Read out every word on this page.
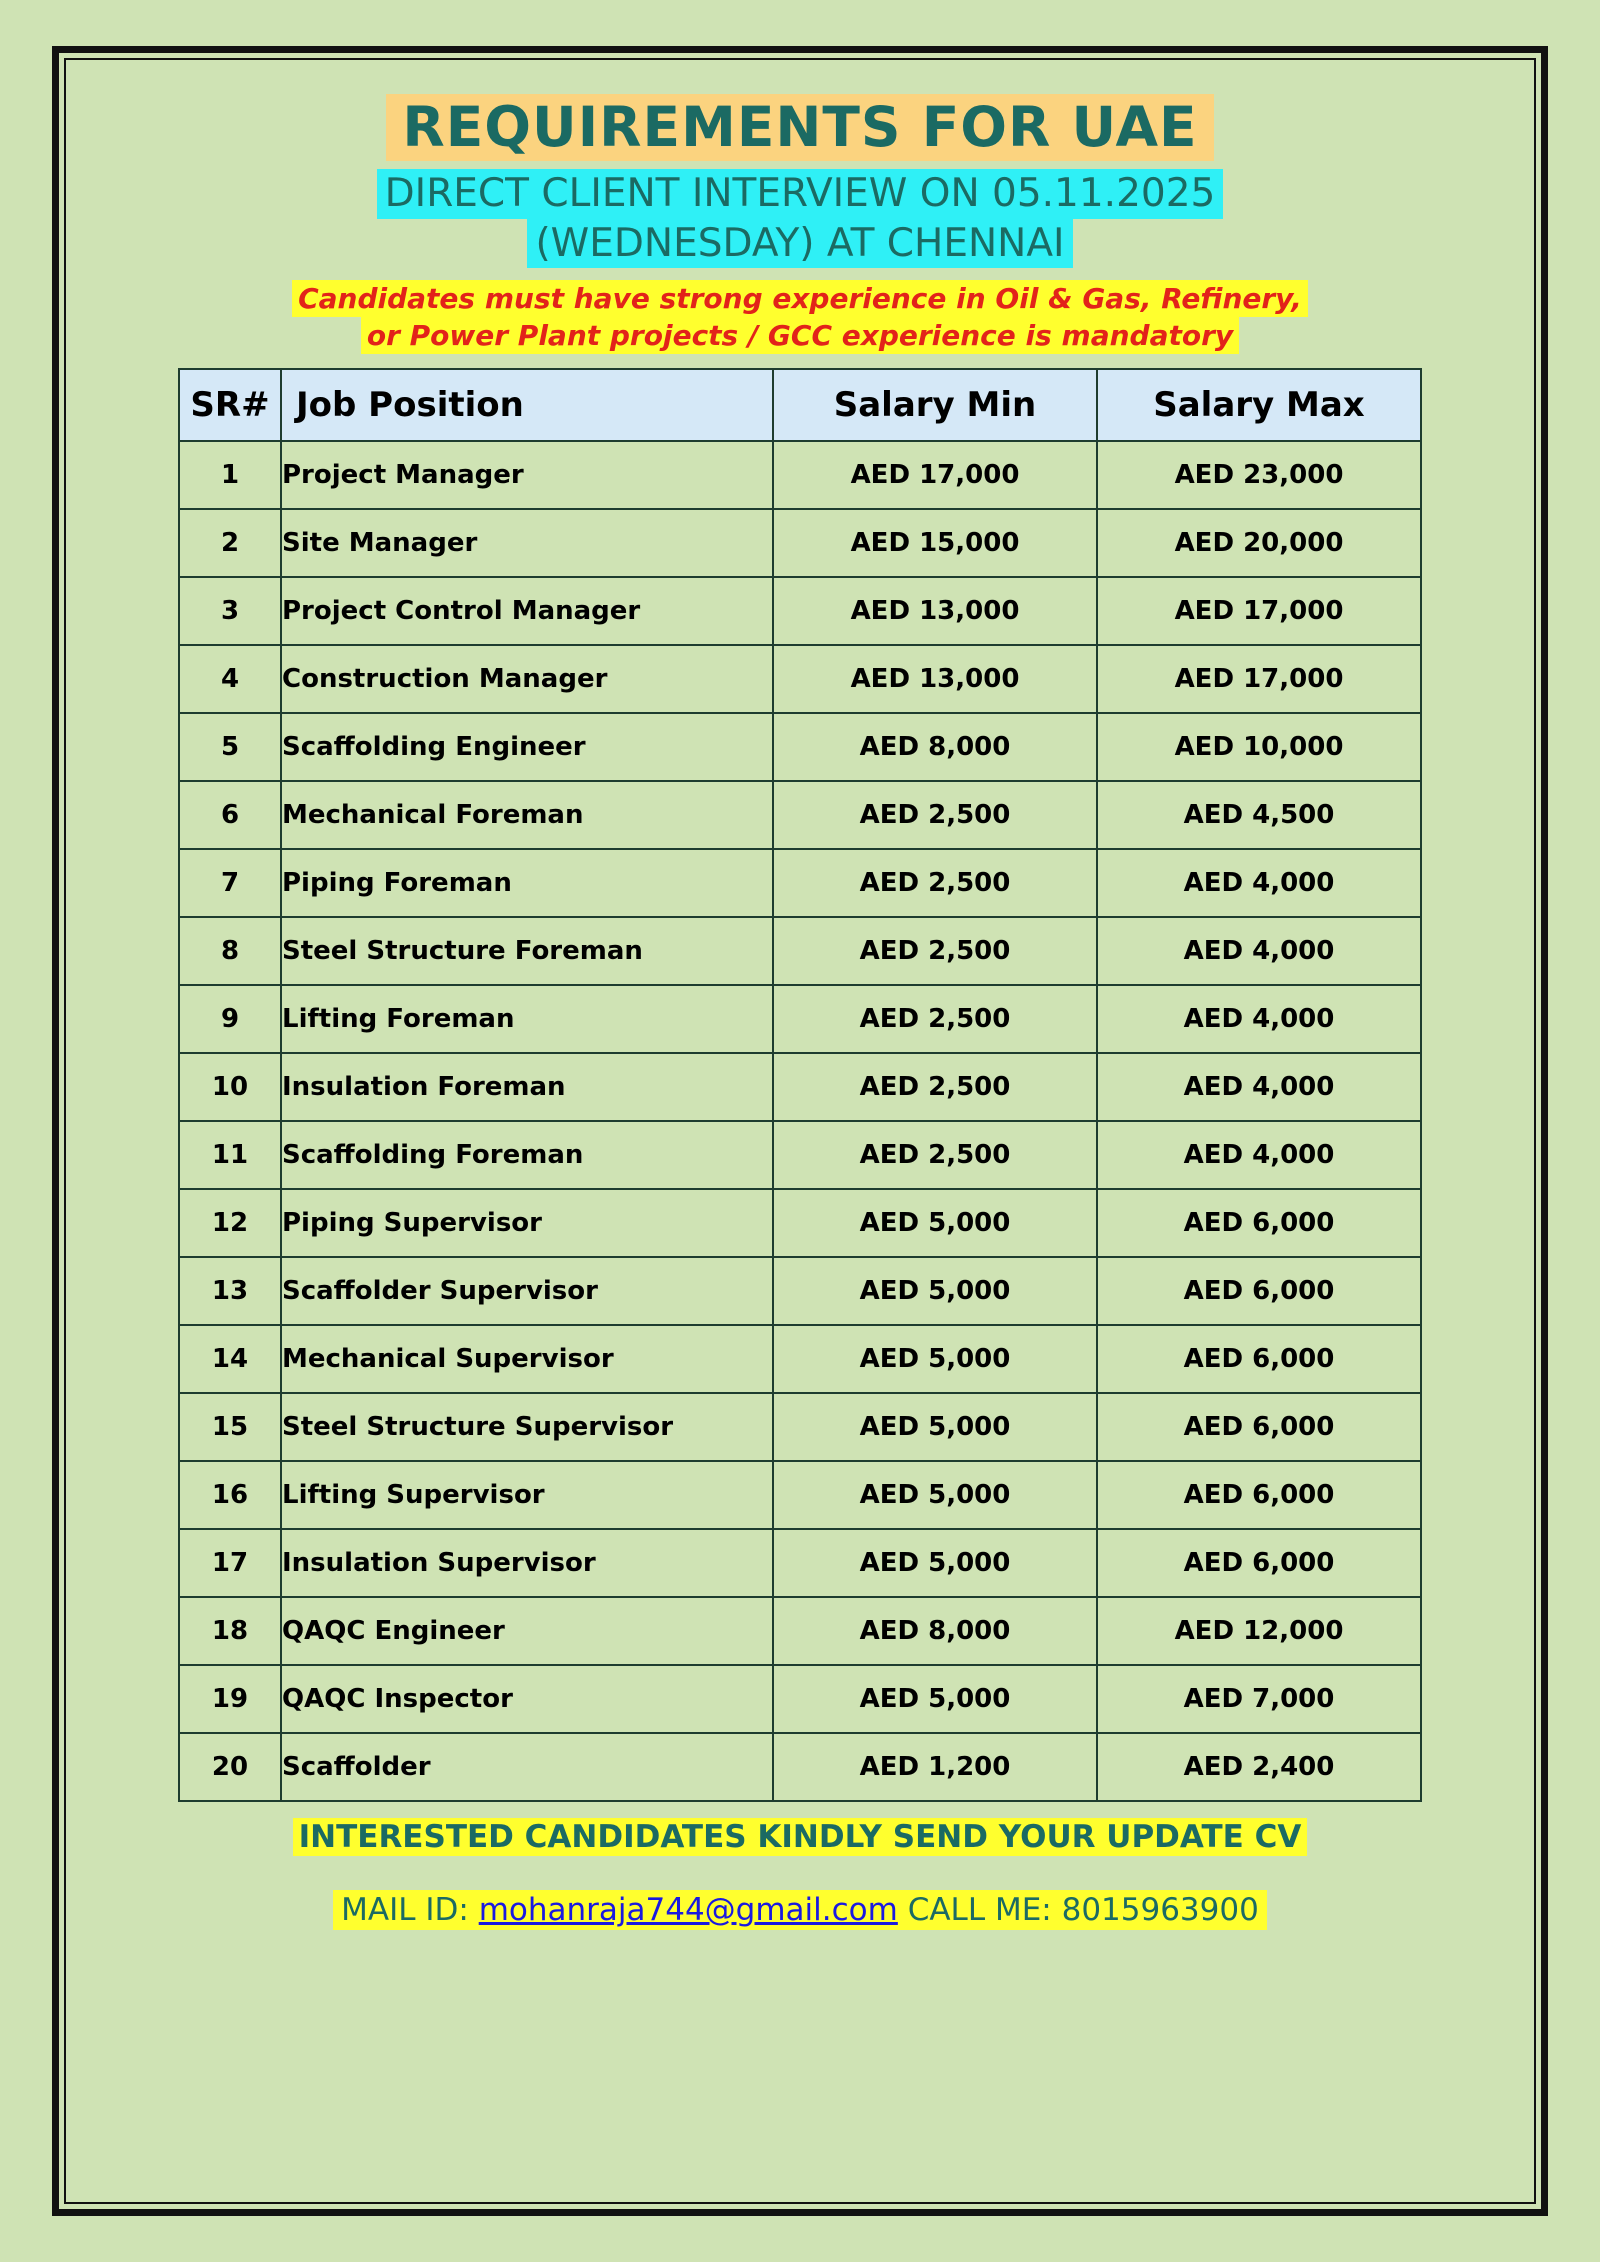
REQUIREMENTS FOR UAE
DIRECT CLIENT INTERVIEW ON 05.11.2025
(WEDNESDAY) AT CHENNAI
Candidates must have strong experience in Oil & Gas, Refinery,
or Power Plant projects / GCC experience is mandatory
SR#	Job Position	Salary Min	Salary Max
1	Project Manager	AED 17,000	AED 23,000
2	Site Manager	AED 15,000	AED 20,000
3	Project Control Manager	AED 13,000	AED 17,000
4	Construction Manager	AED 13,000	AED 17,000
5	Scaffolding Engineer	AED 8,000	AED 10,000
6	Mechanical Foreman	AED 2,500	AED 4,500
7	Piping Foreman	AED 2,500	AED 4,000
8	Steel Structure Foreman	AED 2,500	AED 4,000
9	Lifting Foreman	AED 2,500	AED 4,000
10	Insulation Foreman	AED 2,500	AED 4,000
11	Scaffolding Foreman	AED 2,500	AED 4,000
12	Piping Supervisor	AED 5,000	AED 6,000
13	Scaffolder Supervisor	AED 5,000	AED 6,000
14	Mechanical Supervisor	AED 5,000	AED 6,000
15	Steel Structure Supervisor	AED 5,000	AED 6,000
16	Lifting Supervisor	AED 5,000	AED 6,000
17	Insulation Supervisor	AED 5,000	AED 6,000
18	QAQC Engineer	AED 8,000	AED 12,000
19	QAQC Inspector	AED 5,000	AED 7,000
20	Scaffolder	AED 1,200	AED 2,400
INTERESTED CANDIDATES KINDLY SEND YOUR UPDATE CV
MAIL ID: mohanraja744@gmail.com CALL ME: 8015963900
